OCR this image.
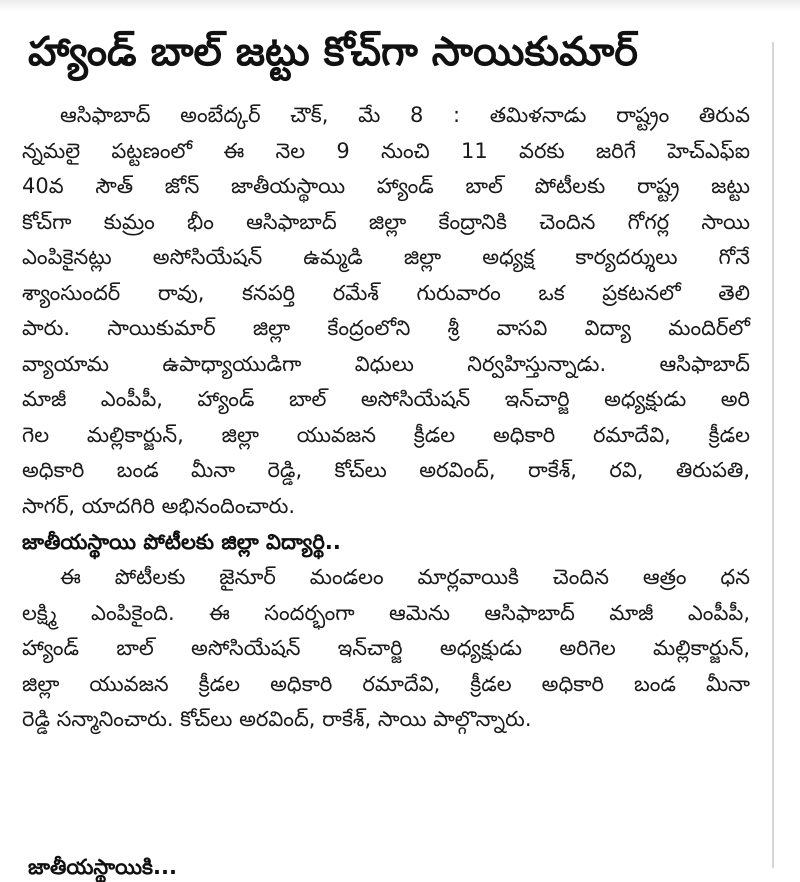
హ్యాండ్ బాల్ జట్టు కోచ్‌గా సాయికుమార్
ఆసిఫాబాద్ అంబేద్కర్ చౌక్, మే 8 : తమిళనాడు రాష్ట్రం తిరువ
న్నమలై పట్టణంలో ఈ నెల 9 నుంచి 11 వరకు జరిగే హెచ్ఎఫ్ఐ
40వ సౌత్ జోన్ జాతీయస్థాయి హ్యాండ్ బాల్ పోటీలకు రాష్ట్ర జట్టు
కోచ్‌గా కుమ్రం భీం ఆసిఫాబాద్ జిల్లా కేంద్రానికి చెందిన గోగర్ల సాయి
ఎంపికైనట్లు అసోసియేషన్ ఉమ్మడి జిల్లా అధ్యక్ష కార్యదర్శులు గోనే
శ్యాంసుందర్ రావు, కనపర్తి రమేశ్ గురువారం ఒక ప్రకటనలో తెలి
పారు. సాయికుమార్ జిల్లా కేంద్రంలోని శ్రీ వాసవి విద్యా మందిర్‌లో
వ్యాయామ ఉపాధ్యాయుడిగా విధులు నిర్వహిస్తున్నాడు. ఆసిఫాబాద్
మాజీ ఎంపీపీ, హ్యాండ్ బాల్ అసోసియేషన్ ఇన్‌చార్జి అధ్యక్షుడు అరి
గెల మల్లికార్జున్, జిల్లా యువజన క్రీడల అధికారి రమాదేవి, క్రీడల
అధికారి బండ మీనా రెడ్డి, కోచ్‌లు అరవింద్, రాకేశ్, రవి, తిరుపతి,
సాగర్, యాదగిరి అభినందించారు.
జాతీయస్థాయి పోటీలకు జిల్లా విద్యార్థి..
ఈ పోటీలకు జైనూర్ మండలం మార్లవాయికి చెందిన ఆత్రం ధన
లక్ష్మి ఎంపికైంది. ఈ సందర్భంగా ఆమెను ఆసిఫాబాద్ మాజీ ఎంపీపీ,
హ్యాండ్ బాల్ అసోసియేషన్ ఇన్‌చార్జి అధ్యక్షుడు అరిగెల మల్లికార్జున్,
జిల్లా యువజన క్రీడల అధికారి రమాదేవి, క్రీడల అధికారి బండ మీనా
రెడ్డి సన్మానించారు. కోచ్‌లు అరవింద్, రాకేశ్, సాయి పాల్గొన్నారు.
జాతీయస్థాయికి...
